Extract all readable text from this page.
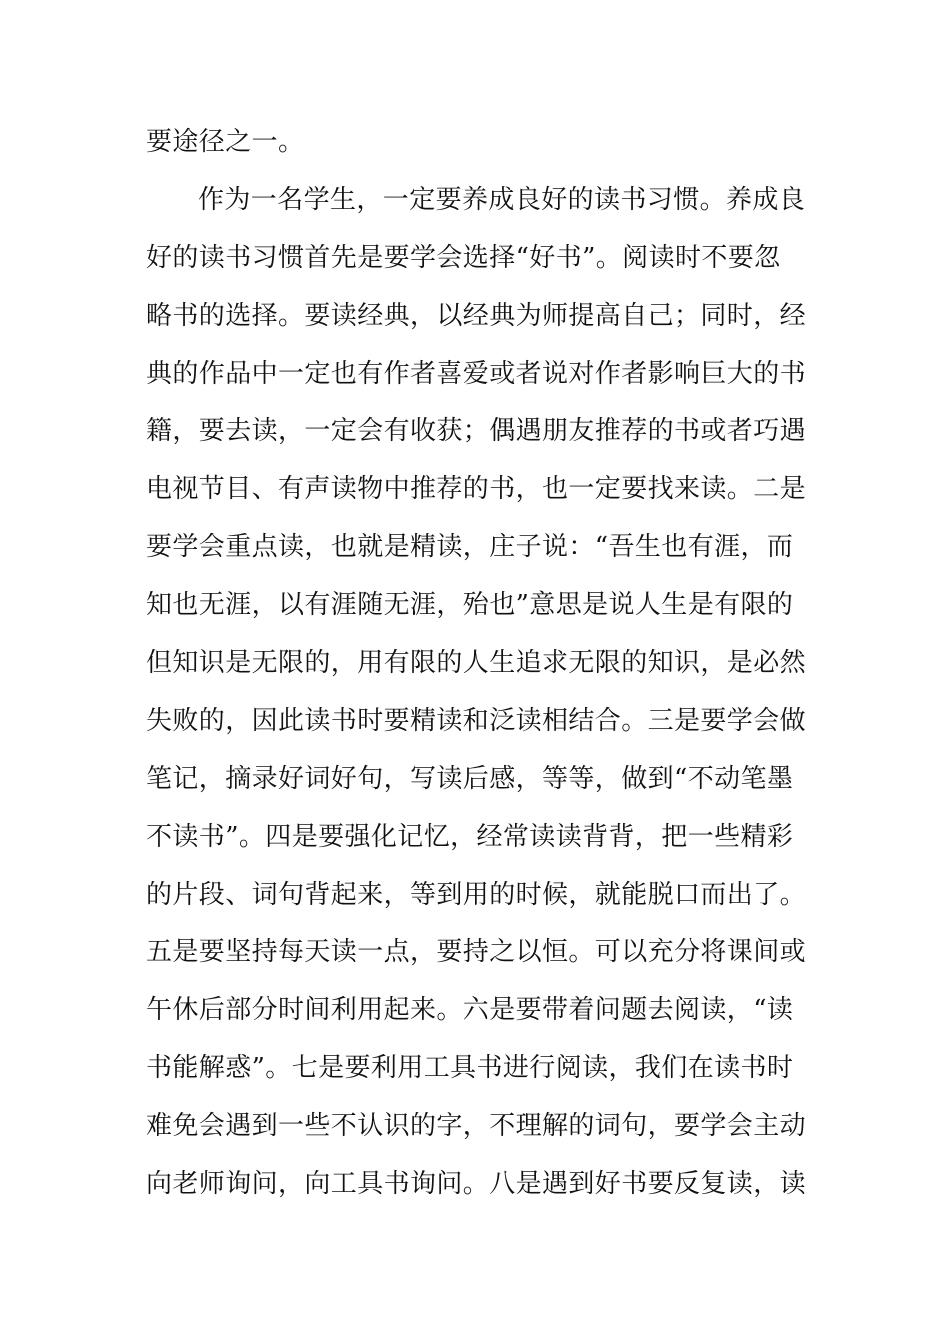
要途径之一。
作为一名学生，一定要养成良好的读书习惯。养成良
好的读书习惯首先是要学会选择“好书”。阅读时不要忽
略书的选择。要读经典，以经典为师提高自己；同时，经
典的作品中一定也有作者喜爱或者说对作者影响巨大的书
籍，要去读，一定会有收获；偶遇朋友推荐的书或者巧遇
电视节目、有声读物中推荐的书，也一定要找来读。二是
要学会重点读，也就是精读，庄子说：“吾生也有涯，而
知也无涯，以有涯随无涯，殆也”意思是说人生是有限的
但知识是无限的，用有限的人生追求无限的知识，是必然
失败的，因此读书时要精读和泛读相结合。三是要学会做
笔记，摘录好词好句，写读后感，等等，做到“不动笔墨
不读书”。四是要强化记忆，经常读读背背，把一些精彩
的片段、词句背起来，等到用的时候，就能脱口而出了。
五是要坚持每天读一点，要持之以恒。可以充分将课间或
午休后部分时间利用起来。六是要带着问题去阅读，“读
书能解惑”。七是要利用工具书进行阅读，我们在读书时
难免会遇到一些不认识的字，不理解的词句，要学会主动
向老师询问，向工具书询问。八是遇到好书要反复读，读
